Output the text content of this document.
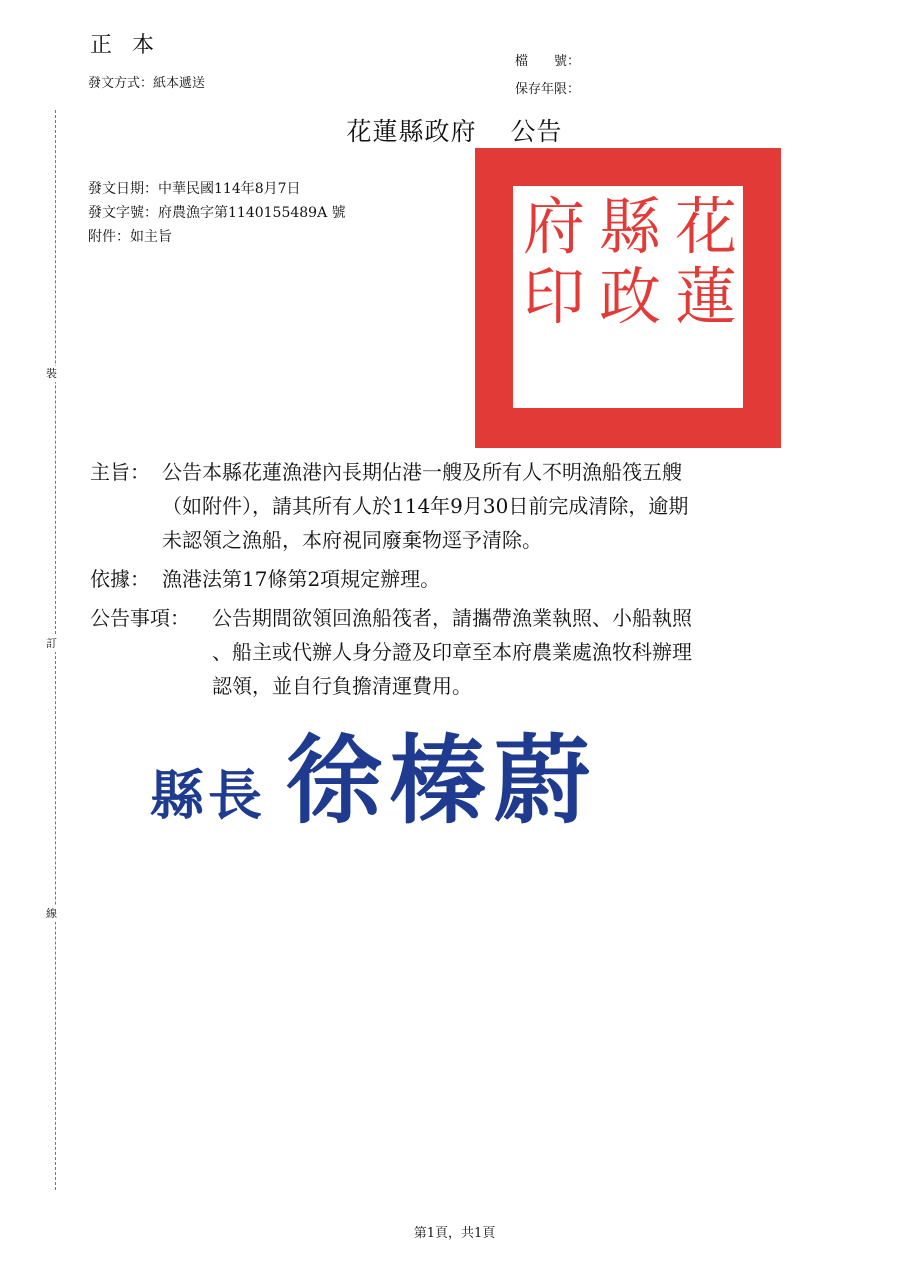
正本
發文方式：紙本遞送
檔　　號：
保存年限：
裝
訂
線
花蓮縣政府 公告
發文日期：中華民國114年8月7日
發文字號：府農漁字第1140155489A 號
附件：如主旨	花
蓮
縣
政
府
印
主旨： 公告本縣花蓮漁港內長期佔港一艘及所有人不明漁船筏五艘
（如附件），請其所有人於114年9月30日前完成清除，逾期
未認領之漁船，本府視同廢棄物逕予清除。
依據： 漁港法第17條第2項規定辦理。
公告事項： 公告期間欲領回漁船筏者，請攜帶漁業執照、小船執照
、船主或代辦人身分證及印章至本府農業處漁牧科辦理
認領，並自行負擔清運費用。
縣長 徐榛蔚
第1頁，共1頁
